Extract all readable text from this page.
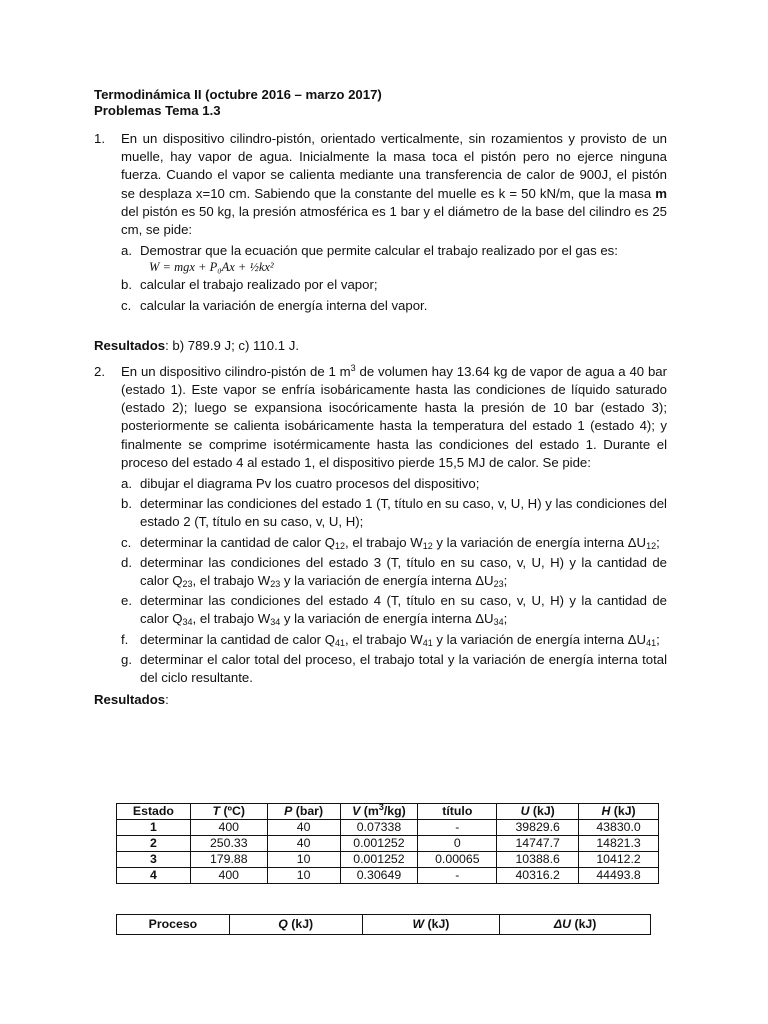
Termodinámica II (octubre 2016 – marzo 2017)
Problemas Tema 1.3
1.	En un dispositivo cilindro-pistón, orientado verticalmente, sin rozamientos y provisto de un muelle, hay vapor de agua. Inicialmente la masa toca el pistón pero no ejerce ninguna fuerza. Cuando el vapor se calienta mediante una transferencia de calor de 900J, el pistón se desplaza x=10 cm. Sabiendo que la constante del muelle es k = 50 kN/m, que la masa m del pistón es 50 kg, la presión atmosférica es 1 bar y el diámetro de la base del cilindro es 25 cm, se pide:
a. Demostrar que la ecuación que permite calcular el trabajo realizado por el gas es:
W = mgx + P₀Ax + ½kx²
b. calcular el trabajo realizado por el vapor;
c. calcular la variación de energía interna del vapor.
Resultados: b) 789.9 J; c) 110.1 J.
2.	En un dispositivo cilindro-pistón de 1 $m^3$ de volumen hay 13.64 kg de vapor de agua a 40 bar (estado 1). Este vapor se enfría isobáricamente hasta las condiciones de líquido saturado (estado 2); luego se expansiona isocóricamente hasta la presión de 10 bar (estado 3); posteriormente se calienta isobáricamente hasta la temperatura del estado 1 (estado 4); y finalmente se comprime isotérmicamente hasta las condiciones del estado 1. Durante el proceso del estado 4 al estado 1, el dispositivo pierde 15,5 MJ de calor. Se pide:
a. dibujar el diagrama Pv los cuatro procesos del dispositivo;
b. determinar las condiciones del estado 1 (T, título en su caso, v, U, H) y las condiciones del estado 2 (T, título en su caso, v, U, H);
c. determinar la cantidad de calor $Q_{12}$, el trabajo $W_{12}$ y la variación de energía interna $\Delta U_{12}$;
d. determinar las condiciones del estado 3 (T, título en su caso, v, U, H) y la cantidad de calor $Q_{23}$, el trabajo $W_{23}$ y la variación de energía interna $\Delta U_{23}$;
e. determinar las condiciones del estado 4 (T, título en su caso, v, U, H) y la cantidad de calor $Q_{34}$, el trabajo $W_{34}$ y la variación de energía interna $\Delta U_{34}$;
f. determinar la cantidad de calor $Q_{41}$, el trabajo $W_{41}$ y la variación de energía interna $\Delta U_{41}$;
g. determinar el calor total del proceso, el trabajo total y la variación de energía interna total del ciclo resultante.
Resultados:
Estado	T (ºC)	P (bar)	V $(m^3/kg)$	título	U (kJ)	H (kJ)
1	400	40	0.07338	-	39829.6	43830.0
2	250.33	40	0.001252	0	14747.7	14821.3
3	179.88	10	0.001252	0.00065	10388.6	10412.2
4	400	10	0.30649	-	40316.2	44493.8
Proceso	Q (kJ)	W (kJ)	ΔU (kJ)
